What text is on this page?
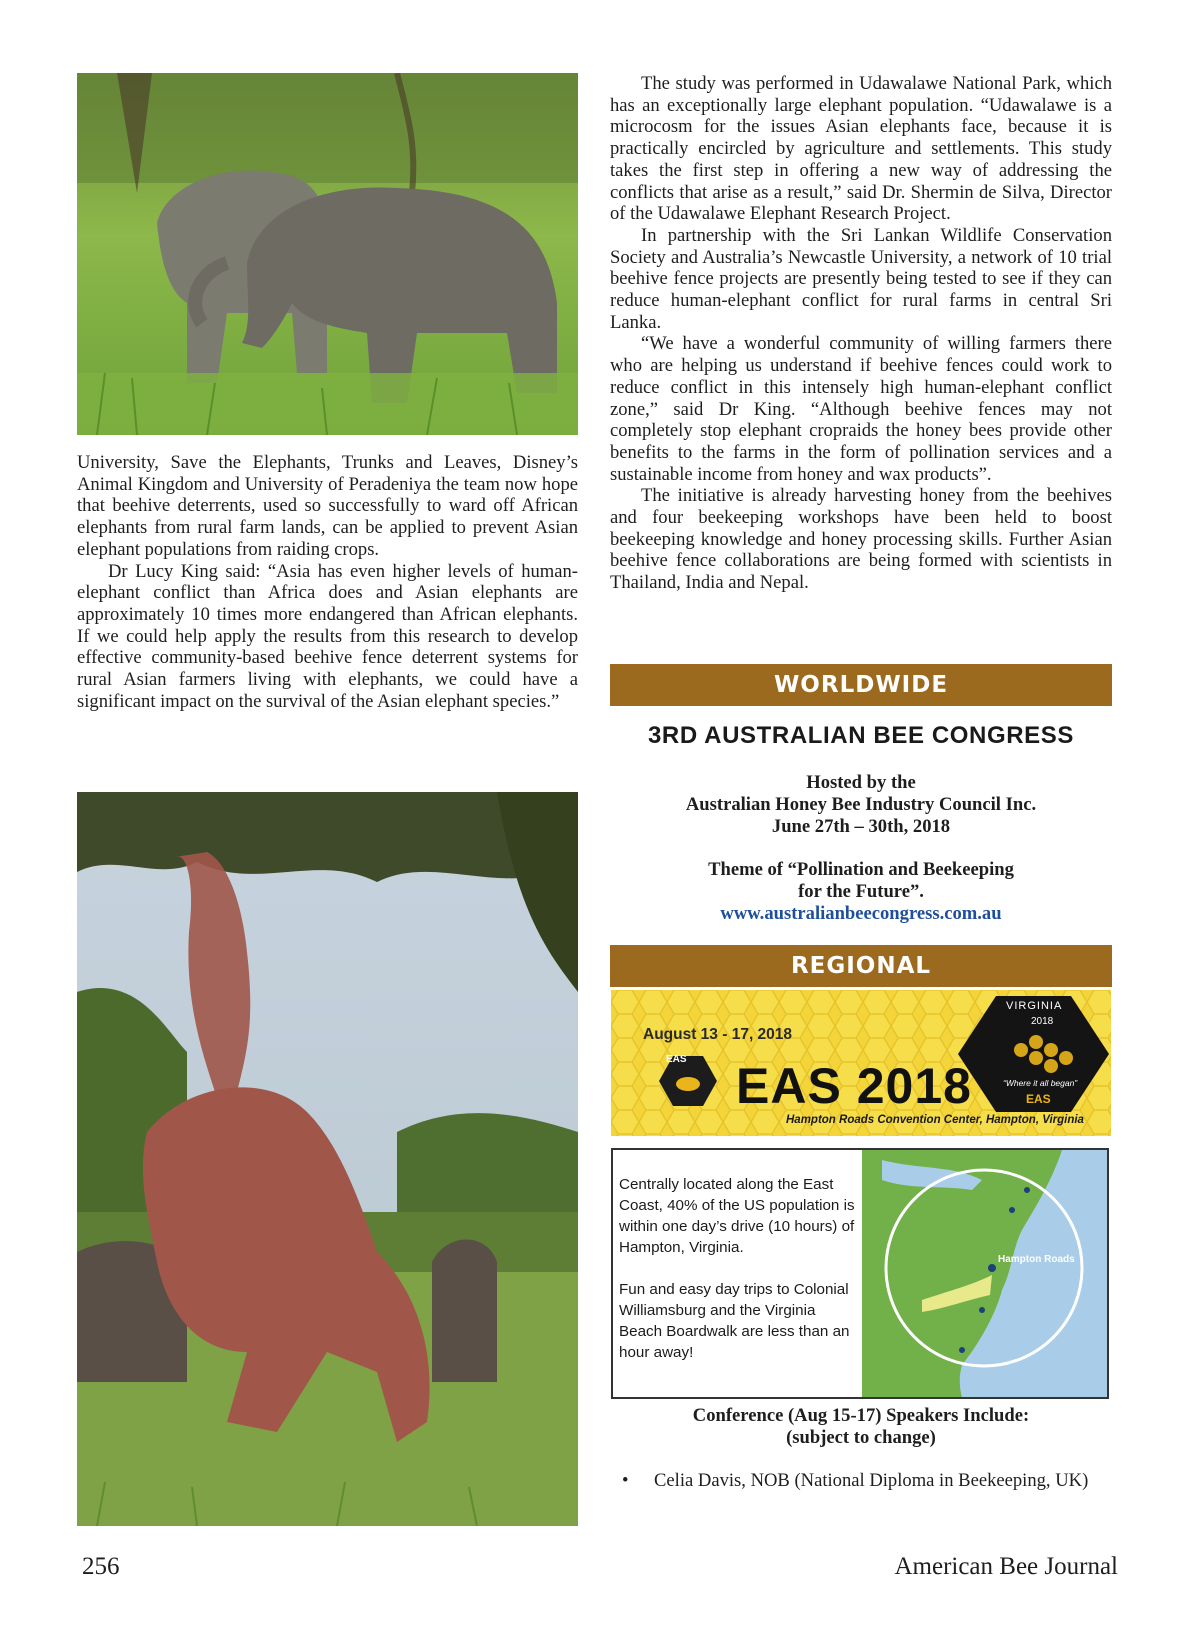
University, Save the Elephants, Trunks and Leaves, Disney’s Animal Kingdom and University of Peradeniya the team now hope that beehive deterrents, used so successfully to ward off African elephants from rural farm lands, can be applied to prevent Asian elephant populations from raiding crops.

Dr Lucy King said: “Asia has even higher levels of human-elephant conflict than Africa does and Asian elephants are approximately 10 times more endangered than African elephants. If we could help apply the results from this research to develop effective community-based beehive fence deterrent systems for rural Asian farmers living with elephants, we could have a significant impact on the survival of the Asian elephant species.”

The study was performed in Udawalawe National Park, which has an exceptionally large elephant population. “Udawalawe is a microcosm for the issues Asian elephants face, because it is practically encircled by agriculture and settlements. This study takes the first step in offering a new way of addressing the conflicts that arise as a result,” said Dr. Shermin de Silva, Director of the Udawalawe Elephant Research Project.

In partnership with the Sri Lankan Wildlife Conservation Society and Australia’s Newcastle University, a network of 10 trial beehive fence projects are presently being tested to see if they can reduce human-elephant conflict for rural farms in central Sri Lanka.

“We have a wonderful community of willing farmers there who are helping us understand if beehive fences could work to reduce conflict in this intensely high human-elephant conflict zone,” said Dr King. “Although beehive fences may not completely stop elephant cropraids the honey bees provide other benefits to the farms in the form of pollination services and a sustainable income from honey and wax products”.

The initiative is already harvesting honey from the beehives and four beekeeping workshops have been held to boost beekeeping knowledge and honey processing skills. Further Asian beehive fence collaborations are being formed with scientists in Thailand, India and Nepal.

WORLDWIDE
3RD AUSTRALIAN BEE CONGRESS
Hosted by the
Australian Honey Bee Industry Council Inc.
June 27th – 30th, 2018
Theme of “Pollination and Beekeeping
for the Future”.
www.australianbeecongress.com.au
REGIONAL
August 13 - 17, 2018
EAS EAS 2018
Hampton Roads Convention Center, Hampton, Virginia
VIRGINIA
2018
“Where it all began”
EAS

Centrally located along the East Coast, 40% of the US population is within one day’s drive (10 hours) of Hampton, Virginia.

Fun and easy day trips to Colonial Williamsburg and the Virginia Beach Boardwalk are less than an hour away!

Hampton Roads
Conference (Aug 15-17) Speakers Include:
(subject to change)
• Celia Davis, NOB (National Diploma in Beekeeping, UK)
256	American Bee Journal
